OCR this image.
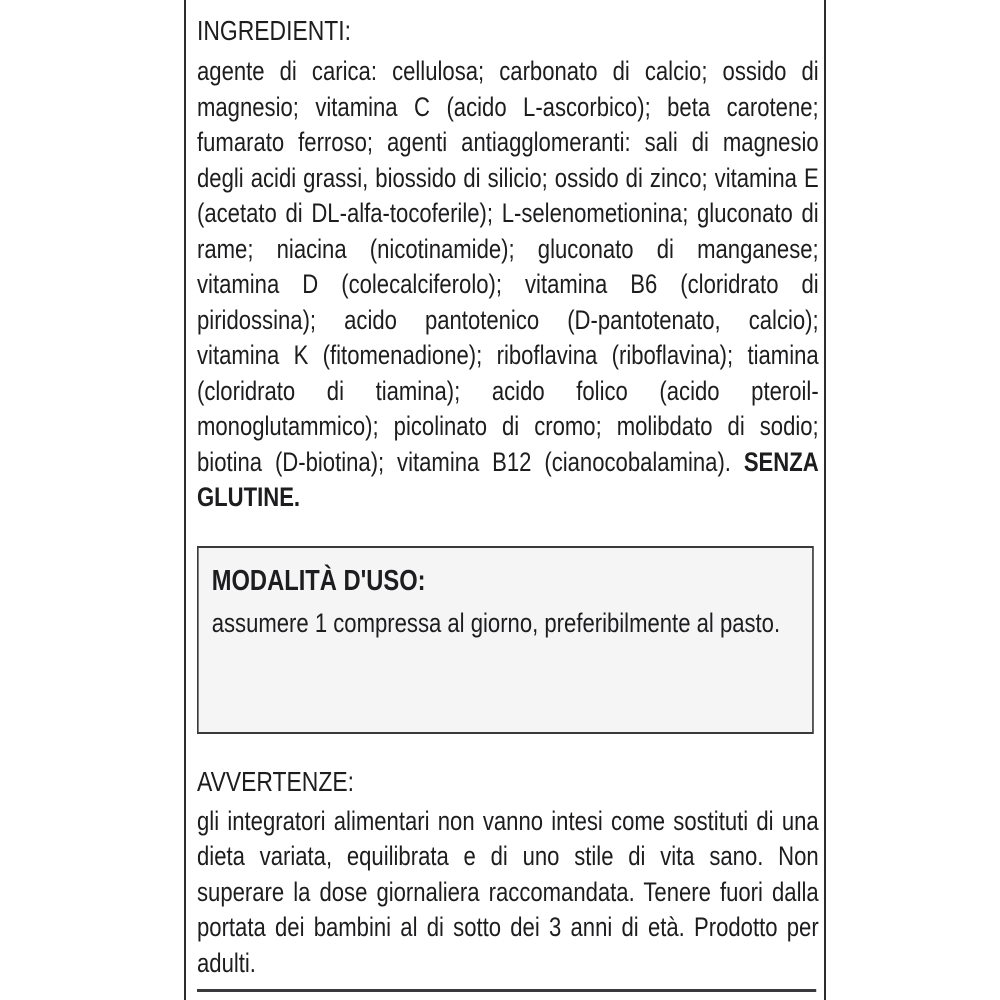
INGREDIENTI:

agente di carica: cellulosa; carbonato di calcio; ossido di magnesio; vitamina C (acido L-ascorbico); beta carotene; fumarato ferroso; agenti antiagglomeranti: sali di magnesio degli acidi grassi, biossido di silicio; ossido di zinco; vitamina E (acetato di DL-alfa-tocoferile); L-selenometionina; gluconato di rame; niacina (nicotinamide); gluconato di manganese; vitamina D (colecalciferolo); vitamina B6 (cloridrato di piridossina); acido pantotenico (D-pantotenato, calcio); vitamina K (fitomenadione); riboflavina (riboflavina); tiamina (cloridrato di tiamina); acido folico (acido pteroil-monoglutammico); picolinato di cromo; molibdato di sodio; biotina (D-biotina); vitamina B12 (cianocobalamina). SENZA GLUTINE.

MODALITÀ D'USO:

assumere 1 compressa al giorno, preferibilmente al pasto.

AVVERTENZE:

gli integratori alimentari non vanno intesi come sostituti di una dieta variata, equilibrata e di uno stile di vita sano. Non superare la dose giornaliera raccomandata. Tenere fuori dalla portata dei bambini al di sotto dei 3 anni di età. Prodotto per adulti.
